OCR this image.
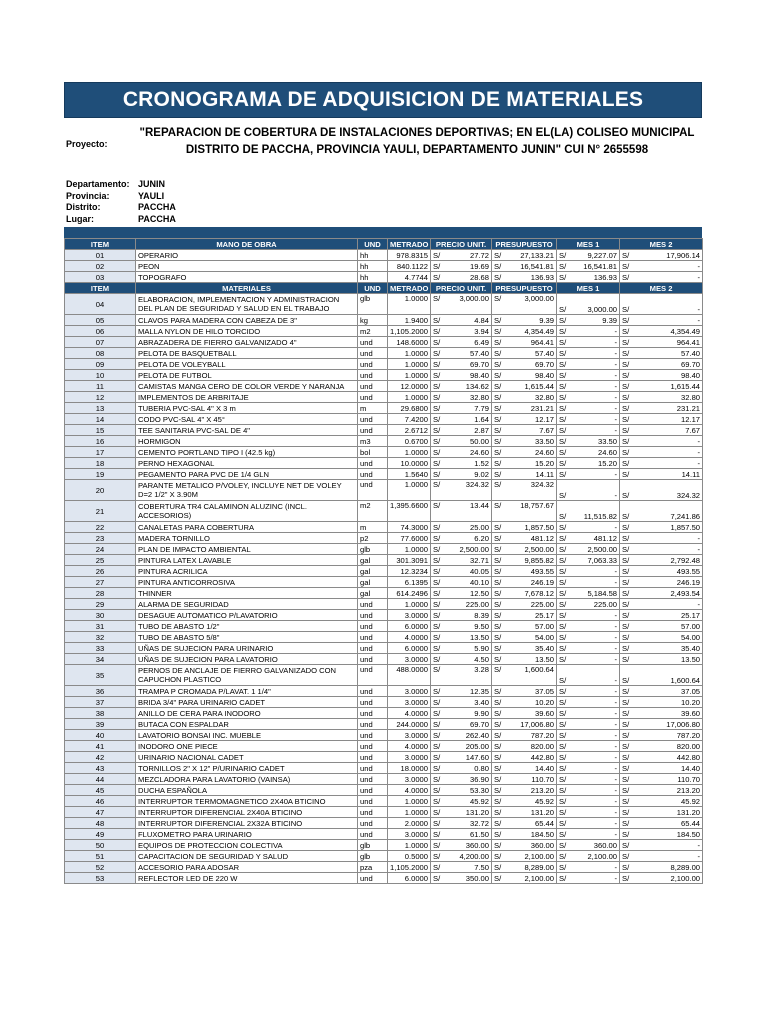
CRONOGRAMA DE ADQUISICION DE MATERIALES
Proyecto:
"REPARACION DE COBERTURA DE INSTALACIONES DEPORTIVAS; EN EL(LA) COLISEO MUNICIPAL DISTRITO DE PACCHA, PROVINCIA YAULI, DEPARTAMENTO JUNIN" CUI N° 2655598
Departamento: JUNIN
Provincia:	YAULI
Distrito:	PACCHA
Lugar:	PACCHA
ITEM	MANO DE OBRA	UND	METRADO	PRECIO UNIT.		PRESUPUESTO		MES 1		MES 2	
01	OPERARIO	hh	978.8315	S/	27.72	S/	27,133.21	S/	9,227.07	S/	17,906.14
02	PEON	hh	840.1122	S/	19.69	S/	16,541.81	S/	16,541.81	S/	-
03	TOPOGRAFO	hh	4.7744	S/	28.68	S/	136.93	S/	136.93	S/	-
ITEM	MATERIALES	UND	METRADO	PRECIO UNIT.		PRESUPUESTO		MES 1		MES 2	
04	ELABORACION, IMPLEMENTACION Y ADMINISTRACION DEL PLAN DE SEGURIDAD Y SALUD EN EL TRABAJO	glb	1.0000	S/	3,000.00	S/	3,000.00	S/	3,000.00	S/	-
05	CLAVOS PARA MADERA CON CABEZA DE 3"	kg	1.9400	S/	4.84	S/	9.39	S/	9.39	S/	-
06	MALLA NYLON DE HILO TORCIDO	m2	1,105.2000	S/	3.94	S/	4,354.49	S/	-	S/	4,354.49
07	ABRAZADERA DE FIERRO GALVANIZADO 4"	und	148.6000	S/	6.49	S/	964.41	S/	-	S/	964.41
08	PELOTA DE BASQUETBALL	und	1.0000	S/	57.40	S/	57.40	S/	-	S/	57.40
09	PELOTA DE VOLEYBALL	und	1.0000	S/	69.70	S/	69.70	S/	-	S/	69.70
10	PELOTA DE FUTBOL	und	1.0000	S/	98.40	S/	98.40	S/	-	S/	98.40
11	CAMISTAS MANGA CERO DE COLOR VERDE Y NARANJA	und	12.0000	S/	134.62	S/	1,615.44	S/	-	S/	1,615.44
12	IMPLEMENTOS DE ARBRITAJE	und	1.0000	S/	32.80	S/	32.80	S/	-	S/	32.80
13	TUBERIA PVC-SAL 4" X 3 m	m	29.6800	S/	7.79	S/	231.21	S/	-	S/	231.21
14	CODO PVC-SAL 4" X 45°	und	7.4200	S/	1.64	S/	12.17	S/	-	S/	12.17
15	TEE SANITARIA PVC-SAL DE 4"	und	2.6712	S/	2.87	S/	7.67	S/	-	S/	7.67
16	HORMIGON	m3	0.6700	S/	50.00	S/	33.50	S/	33.50	S/	-
17	CEMENTO PORTLAND TIPO I (42.5 kg)	bol	1.0000	S/	24.60	S/	24.60	S/	24.60	S/	-
18	PERNO HEXAGONAL	und	10.0000	S/	1.52	S/	15.20	S/	15.20	S/	-
19	PEGAMENTO PARA PVC DE 1/4 GLN	und	1.5640	S/	9.02	S/	14.11	S/	-	S/	14.11
20	PARANTE METALICO P/VOLEY, INCLUYE NET DE VOLEY D=2 1/2" X 3.90M	und	1.0000	S/	324.32	S/	324.32	S/	-	S/	324.32
21	COBERTURA TR4 CALAMINON ALUZINC (INCL. ACCESORIOS)	m2	1,395.6600	S/	13.44	S/	18,757.67	S/	11,515.82	S/	7,241.86
22	CANALETAS PARA COBERTURA	m	74.3000	S/	25.00	S/	1,857.50	S/	-	S/	1,857.50
23	MADERA TORNILLO	p2	77.6000	S/	6.20	S/	481.12	S/	481.12	S/	-
24	PLAN DE IMPACTO AMBIENTAL	glb	1.0000	S/	2,500.00	S/	2,500.00	S/	2,500.00	S/	-
25	PINTURA LATEX LAVABLE	gal	301.3091	S/	32.71	S/	9,855.82	S/	7,063.33	S/	2,792.48
26	PINTURA ACRILICA	gal	12.3234	S/	40.05	S/	493.55	S/	-	S/	493.55
27	PINTURA ANTICORROSIVA	gal	6.1395	S/	40.10	S/	246.19	S/	-	S/	246.19
28	THINNER	gal	614.2496	S/	12.50	S/	7,678.12	S/	5,184.58	S/	2,493.54
29	ALARMA DE SEGURIDAD	und	1.0000	S/	225.00	S/	225.00	S/	225.00	S/	-
30	DESAGUE AUTOMATICO P/LAVATORIO	und	3.0000	S/	8.39	S/	25.17	S/	-	S/	25.17
31	TUBO DE ABASTO 1/2"	und	6.0000	S/	9.50	S/	57.00	S/	-	S/	57.00
32	TUBO DE ABASTO 5/8"	und	4.0000	S/	13.50	S/	54.00	S/	-	S/	54.00
33	UÑAS DE SUJECION PARA URINARIO	und	6.0000	S/	5.90	S/	35.40	S/	-	S/	35.40
34	UÑAS DE SUJECION PARA LAVATORIO	und	3.0000	S/	4.50	S/	13.50	S/	-	S/	13.50
35	PERNOS DE ANCLAJE DE FIERRO GALVANIZADO CON CAPUCHON PLASTICO	und	488.0000	S/	3.28	S/	1,600.64	S/	-	S/	1,600.64
36	TRAMPA P CROMADA P/LAVAT. 1 1/4"	und	3.0000	S/	12.35	S/	37.05	S/	-	S/	37.05
37	BRIDA 3/4" PARA URINARIO CADET	und	3.0000	S/	3.40	S/	10.20	S/	-	S/	10.20
38	ANILLO DE CERA PARA INODORO	und	4.0000	S/	9.90	S/	39.60	S/	-	S/	39.60
39	BUTACA CON ESPALDAR	und	244.0000	S/	69.70	S/	17,006.80	S/	-	S/	17,006.80
40	LAVATORIO BONSAI INC. MUEBLE	und	3.0000	S/	262.40	S/	787.20	S/	-	S/	787.20
41	INODORO ONE PIECE	und	4.0000	S/	205.00	S/	820.00	S/	-	S/	820.00
42	URINARIO NACIONAL CADET	und	3.0000	S/	147.60	S/	442.80	S/	-	S/	442.80
43	TORNILLOS 2" X 12" P/URINARIO CADET	und	18.0000	S/	0.80	S/	14.40	S/	-	S/	14.40
44	MEZCLADORA PARA LAVATORIO (VAINSA)	und	3.0000	S/	36.90	S/	110.70	S/	-	S/	110.70
45	DUCHA ESPAÑOLA	und	4.0000	S/	53.30	S/	213.20	S/	-	S/	213.20
46	INTERRUPTOR TERMOMAGNETICO 2X40A BTICINO	und	1.0000	S/	45.92	S/	45.92	S/	-	S/	45.92
47	INTERRUPTOR DIFERENCIAL 2X40A BTICINO	und	1.0000	S/	131.20	S/	131.20	S/	-	S/	131.20
48	INTERRUPTOR DIFERENCIAL 2X32A BTICINO	und	2.0000	S/	32.72	S/	65.44	S/	-	S/	65.44
49	FLUXOMETRO PARA URINARIO	und	3.0000	S/	61.50	S/	184.50	S/	-	S/	184.50
50	EQUIPOS DE PROTECCION COLECTIVA	glb	1.0000	S/	360.00	S/	360.00	S/	360.00	S/	-
51	CAPACITACION DE SEGURIDAD Y SALUD	glb	0.5000	S/	4,200.00	S/	2,100.00	S/	2,100.00	S/	-
52	ACCESORIO PARA ADOSAR	pza	1,105.2000	S/	7.50	S/	8,289.00	S/	-	S/	8,289.00
53	REFLECTOR LED DE 220 W	und	6.0000	S/	350.00	S/	2,100.00	S/	-	S/	2,100.00
